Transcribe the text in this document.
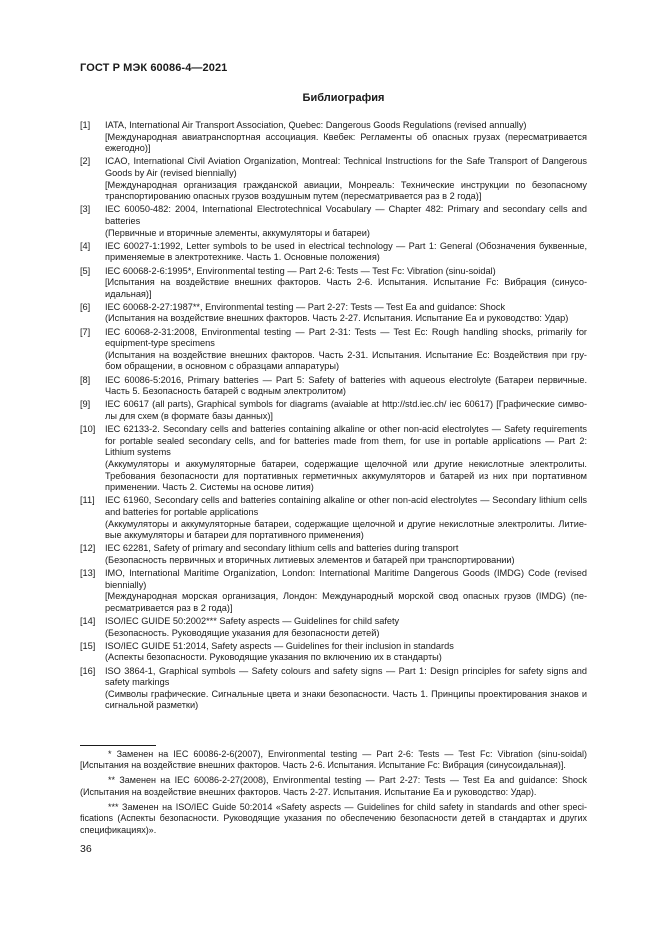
ГОСТ Р МЭК 60086-4—2021
Библиография
[1]	IATA, International Air Transport Association, Quebec: Dangerous Goods Regulations (revised annually)

[Международная авиатранспортная ассоциация. Квебек: Регламенты об опасных грузах (пересматривается ежегодно)]

[2]	ICAO, International Civil Aviation Organization, Montreal: Technical Instructions for the Safe Transport of Dangerous Goods by Air (revised biennially)

[Международная организация гражданской авиации, Монреаль: Технические инструкции по безопасному транспортированию опасных грузов воздушным путем (пересматривается раз в 2 года)]

[3]	IEC 60050-482: 2004, International Electrotechnical Vocabulary — Chapter 482: Primary and secondary cells and batteries

(Первичные и вторичные элементы, аккумуляторы и батареи)

[4]	IEC 60027-1:1992, Letter symbols to be used in electrical technology — Part 1: General (Обозначения буквенные, применяемые в электротехнике. Часть 1. Основные положения)

[5]	IEC 60068-2-6:1995*, Environmental testing — Part 2-6: Tests — Test Fc: Vibration (sinu-soidal)

[Испытания на воздействие внешних факторов. Часть 2-6. Испытания. Испытание Fc: Вибрация (синусо-идальная)]

[6]	IEC 60068-2-27:1987**, Environmental testing — Part 2-27: Tests — Test Ea and guidance: Shock

(Испытания на воздействие внешних факторов. Часть 2-27. Испытания. Испытание Еа и руководство: Удар)

[7]	IEC 60068-2-31:2008, Environmental testing — Part 2-31: Tests — Test Ec: Rough handling shocks, primarily for equipment-type specimens

(Испытания на воздействие внешних факторов. Часть 2-31. Испытания. Испытание Ес: Воздействия при гру-бом обращении, в основном с образцами аппаратуры)

[8]	IEC 60086-5:2016, Primary batteries — Part 5: Safety of batteries with aqueous electrolyte (Батареи первичные. Часть 5. Безопасность батарей с водным электролитом)

[9]	IEC 60617 (all parts), Graphical symbols for diagrams (avaiable at http://std.iec.ch/ iec 60617) [Графические симво-лы для схем (в формате базы данных)]

[10]	IEC 62133-2. Secondary cells and batteries containing alkaline or other non-acid electrolytes — Safety requirements for portable sealed secondary cells, and for batteries made from them, for use in portable applications — Part 2: Lithium systems

(Аккумуляторы и аккумуляторные батареи, содержащие щелочной или другие некислотные электролиты. Требования безопасности для портативных герметичных аккумуляторов и батарей из них при портативном применении. Часть 2. Системы на основе лития)

[11]	IEC 61960, Secondary cells and batteries containing alkaline or other non-acid electrolytes — Secondary lithium cells and batteries for portable applications

(Аккумуляторы и аккумуляторные батареи, содержащие щелочной и другие некислотные электролиты. Литие-вые аккумуляторы и батареи для портативного применения)

[12]	IEC 62281, Safety of primary and secondary lithium cells and batteries during transport

(Безопасность первичных и вторичных литиевых элементов и батарей при транспортировании)

[13]	IMO, International Maritime Organization, London: International Maritime Dangerous Goods (IMDG) Code (revised biennially)

[Международная морская организация, Лондон: Международный морской свод опасных грузов (IMDG) (пе-ресматривается раз в 2 года)]

[14]	ISO/IEC GUIDE 50:2002*** Safety aspects — Guidelines for child safety

(Безопасность. Руководящие указания для безопасности детей)

[15]	ISO/IEC GUIDE 51:2014, Safety aspects — Guidelines for their inclusion in standards

(Аспекты безопасности. Руководящие указания по включению их в стандарты)

[16]	ISO 3864-1, Graphical symbols — Safety colours and safety signs — Part 1: Design principles for safety signs and safety markings

(Символы графические. Сигнальные цвета и знаки безопасности. Часть 1. Принципы проектирования знаков и сигнальной разметки)

* Заменен на IEC 60086-2-6(2007), Environmental testing — Part 2-6: Tests — Test Fc: Vibration (sinu-soidal) [Испытания на воздействие внешних факторов. Часть 2-6. Испытания. Испытание Fc: Вибрация (синусоидальная)].

** Заменен на IEC 60086-2-27(2008), Environmental testing — Part 2-27: Tests — Test Ea and guidance: Shock (Испытания на воздействие внешних факторов. Часть 2-27. Испытания. Испытание Ea и руководство: Удар).

*** Заменен на ISO/IEC Guide 50:2014 «Safety aspects — Guidelines for child safety in standards and other speci-fications (Аспекты безопасности. Руководящие указания по обеспечению безопасности детей в стандартах и других спецификациях)».

36
